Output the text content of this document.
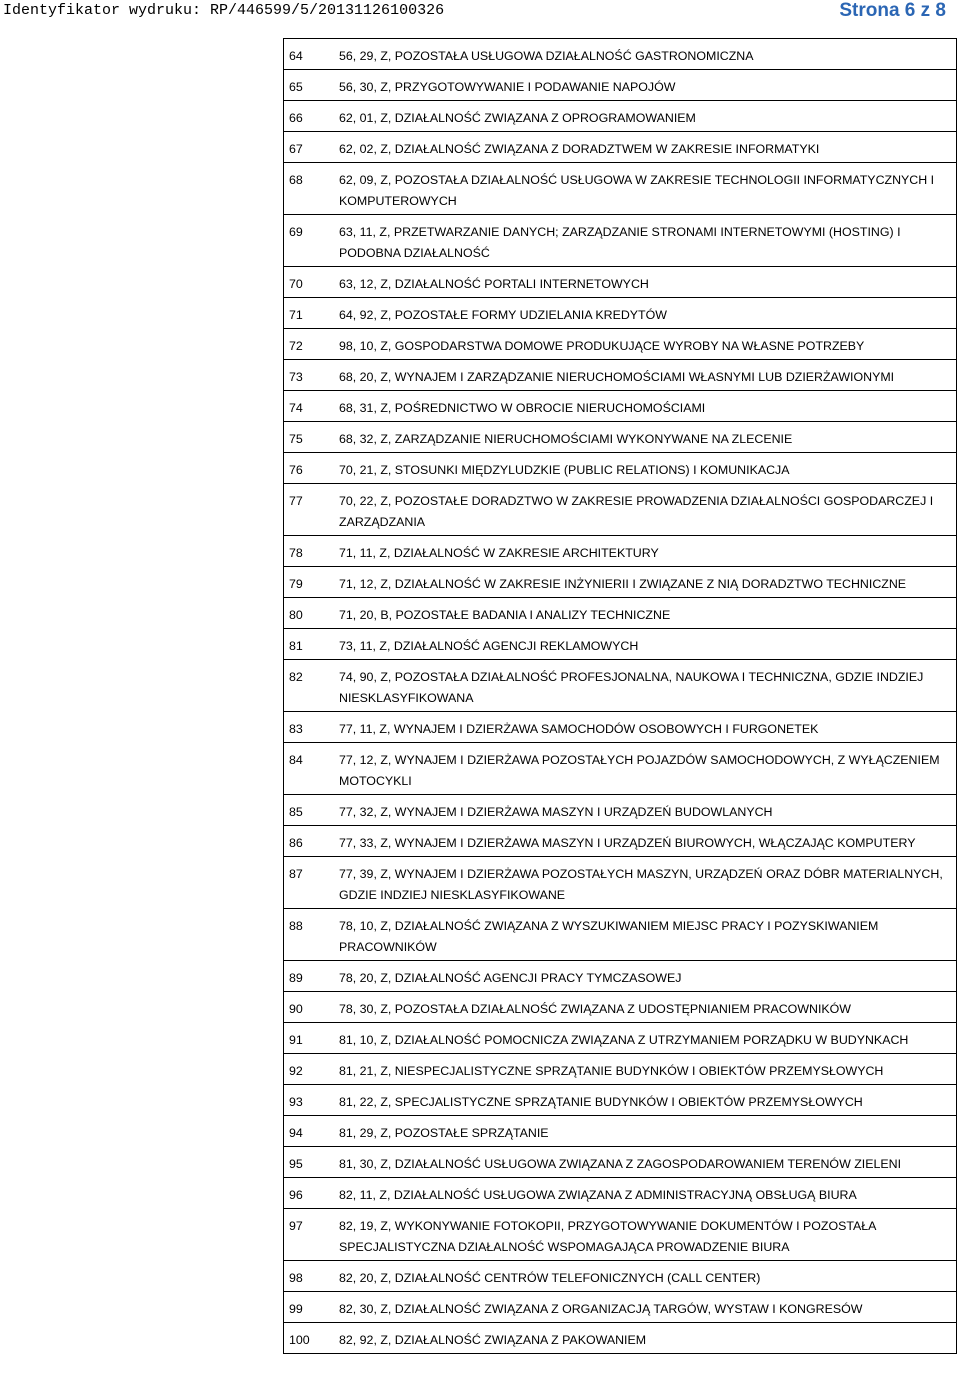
Identyfikator wydruku: RP/446599/5/20131126100326	Strona 6 z 8
64	56, 29, Z, POZOSTAŁA USŁUGOWA DZIAŁALNOŚĆ GASTRONOMICZNA
65	56, 30, Z, PRZYGOTOWYWANIE I PODAWANIE NAPOJÓW
66	62, 01, Z, DZIAŁALNOŚĆ ZWIĄZANA Z OPROGRAMOWANIEM
67	62, 02, Z, DZIAŁALNOŚĆ ZWIĄZANA Z DORADZTWEM W ZAKRESIE INFORMATYKI
68	62, 09, Z, POZOSTAŁA DZIAŁALNOŚĆ USŁUGOWA W ZAKRESIE TECHNOLOGII INFORMATYCZNYCH I KOMPUTEROWYCH
69	63, 11, Z, PRZETWARZANIE DANYCH; ZARZĄDZANIE STRONAMI INTERNETOWYMI (HOSTING) I PODOBNA DZIAŁALNOŚĆ
70	63, 12, Z, DZIAŁALNOŚĆ PORTALI INTERNETOWYCH
71	64, 92, Z, POZOSTAŁE FORMY UDZIELANIA KREDYTÓW
72	98, 10, Z, GOSPODARSTWA DOMOWE PRODUKUJĄCE WYROBY NA WŁASNE POTRZEBY
73	68, 20, Z, WYNAJEM I ZARZĄDZANIE NIERUCHOMOŚCIAMI WŁASNYMI LUB DZIERŻAWIONYMI
74	68, 31, Z, POŚREDNICTWO W OBROCIE NIERUCHOMOŚCIAMI
75	68, 32, Z, ZARZĄDZANIE NIERUCHOMOŚCIAMI WYKONYWANE NA ZLECENIE
76	70, 21, Z, STOSUNKI MIĘDZYLUDZKIE (PUBLIC RELATIONS) I KOMUNIKACJA
77	70, 22, Z, POZOSTAŁE DORADZTWO W ZAKRESIE PROWADZENIA DZIAŁALNOŚCI GOSPODARCZEJ I ZARZĄDZANIA
78	71, 11, Z, DZIAŁALNOŚĆ W ZAKRESIE ARCHITEKTURY
79	71, 12, Z, DZIAŁALNOŚĆ W ZAKRESIE INŻYNIERII I ZWIĄZANE Z NIĄ DORADZTWO TECHNICZNE
80	71, 20, B, POZOSTAŁE BADANIA I ANALIZY TECHNICZNE
81	73, 11, Z, DZIAŁALNOŚĆ AGENCJI REKLAMOWYCH
82	74, 90, Z, POZOSTAŁA DZIAŁALNOŚĆ PROFESJONALNA, NAUKOWA I TECHNICZNA, GDZIE INDZIEJ NIESKLASYFIKOWANA
83	77, 11, Z, WYNAJEM I DZIERŻAWA SAMOCHODÓW OSOBOWYCH I FURGONETEK
84	77, 12, Z, WYNAJEM I DZIERŻAWA POZOSTAŁYCH POJAZDÓW SAMOCHODOWYCH, Z WYŁĄCZENIEM MOTOCYKLI
85	77, 32, Z, WYNAJEM I DZIERŻAWA MASZYN I URZĄDZEŃ BUDOWLANYCH
86	77, 33, Z, WYNAJEM I DZIERŻAWA MASZYN I URZĄDZEŃ BIUROWYCH, WŁĄCZAJĄC KOMPUTERY
87	77, 39, Z, WYNAJEM I DZIERŻAWA POZOSTAŁYCH MASZYN, URZĄDZEŃ ORAZ DÓBR MATERIALNYCH, GDZIE INDZIEJ NIESKLASYFIKOWANE
88	78, 10, Z, DZIAŁALNOŚĆ ZWIĄZANA Z WYSZUKIWANIEM MIEJSC PRACY I POZYSKIWANIEM PRACOWNIKÓW
89	78, 20, Z, DZIAŁALNOŚĆ AGENCJI PRACY TYMCZASOWEJ
90	78, 30, Z, POZOSTAŁA DZIAŁALNOŚĆ ZWIĄZANA Z UDOSTĘPNIANIEM PRACOWNIKÓW
91	81, 10, Z, DZIAŁALNOŚĆ POMOCNICZA ZWIĄZANA Z UTRZYMANIEM PORZĄDKU W BUDYNKACH
92	81, 21, Z, NIESPECJALISTYCZNE SPRZĄTANIE BUDYNKÓW I OBIEKTÓW PRZEMYSŁOWYCH
93	81, 22, Z, SPECJALISTYCZNE SPRZĄTANIE BUDYNKÓW I OBIEKTÓW PRZEMYSŁOWYCH
94	81, 29, Z, POZOSTAŁE SPRZĄTANIE
95	81, 30, Z, DZIAŁALNOŚĆ USŁUGOWA ZWIĄZANA Z ZAGOSPODAROWANIEM TERENÓW ZIELENI
96	82, 11, Z, DZIAŁALNOŚĆ USŁUGOWA ZWIĄZANA Z ADMINISTRACYJNĄ OBSŁUGĄ BIURA
97	82, 19, Z, WYKONYWANIE FOTOKOPII, PRZYGOTOWYWANIE DOKUMENTÓW I POZOSTAŁA SPECJALISTYCZNA DZIAŁALNOŚĆ WSPOMAGAJĄCA PROWADZENIE BIURA
98	82, 20, Z, DZIAŁALNOŚĆ CENTRÓW TELEFONICZNYCH (CALL CENTER)
99	82, 30, Z, DZIAŁALNOŚĆ ZWIĄZANA Z ORGANIZACJĄ TARGÓW, WYSTAW I KONGRESÓW
100	82, 92, Z, DZIAŁALNOŚĆ ZWIĄZANA Z PAKOWANIEM
